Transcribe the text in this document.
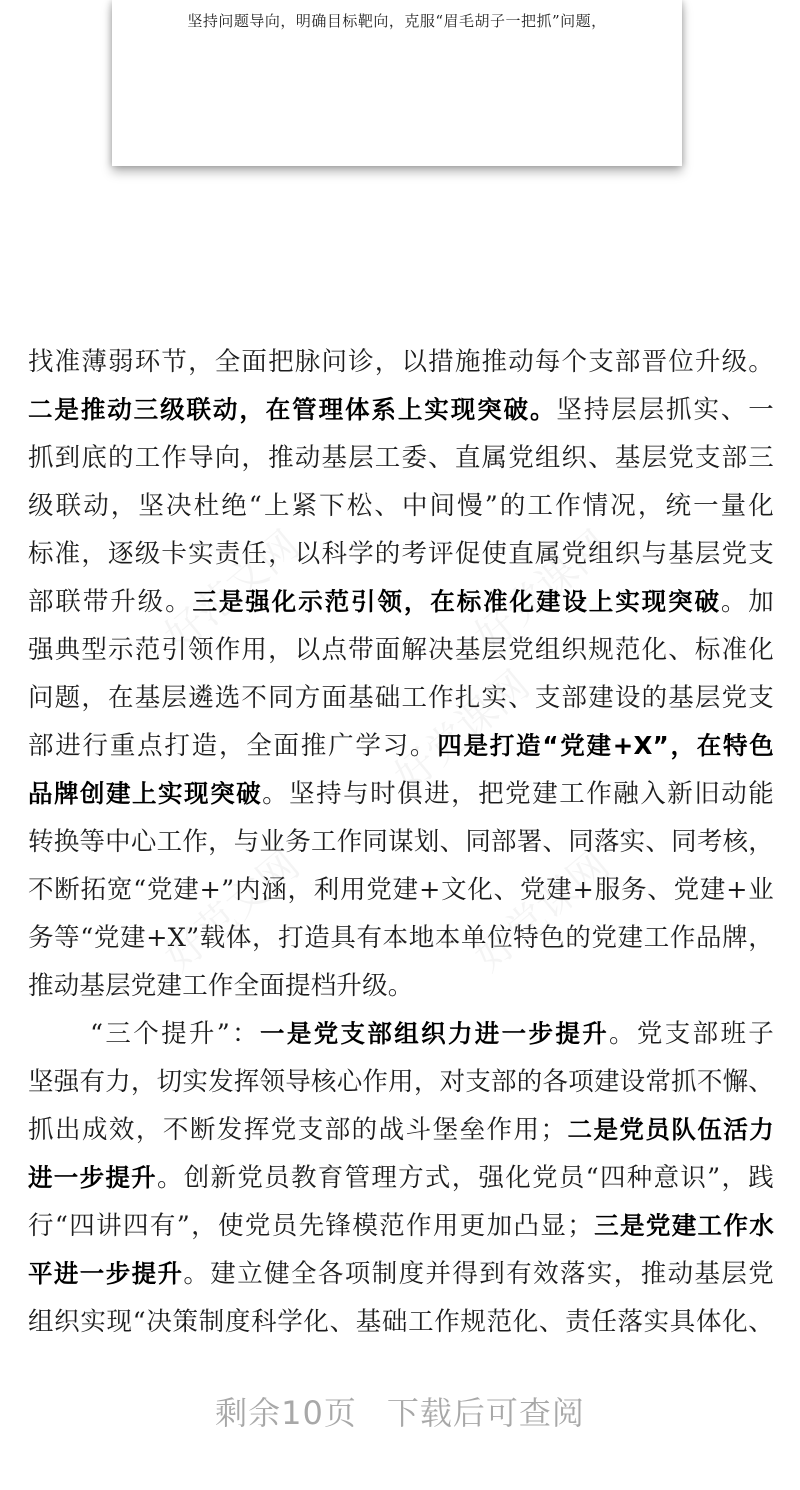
坚持问题导向，明确目标靶向，克服“眉毛胡子一把抓”问题，
找准薄弱环节，全面把脉问诊，以措施推动每个支部晋位升级。
二是推动三级联动，在管理体系上实现突破。坚持层层抓实、一
抓到底的工作导向，推动基层工委、直属党组织、基层党支部三
级联动，坚决杜绝“上紧下松、中间慢”的工作情况，统一量化
标准，逐级卡实责任，以科学的考评促使直属党组织与基层党支
部联带升级。三是强化示范引领，在标准化建设上实现突破。加
强典型示范引领作用，以点带面解决基层党组织规范化、标准化
问题，在基层遴选不同方面基础工作扎实、支部建设的基层党支
部进行重点打造，全面推广学习。四是打造“党建+X”，在特色
品牌创建上实现突破。坚持与时俱进，把党建工作融入新旧动能
转换等中心工作，与业务工作同谋划、同部署、同落实、同考核，
不断拓宽“党建+”内涵，利用党建+文化、党建+服务、党建+业
务等“党建+X”载体，打造具有本地本单位特色的党建工作品牌，
推动基层党建工作全面提档升级。
“三个提升”：一是党支部组织力进一步提升。党支部班子
坚强有力，切实发挥领导核心作用，对支部的各项建设常抓不懈、
抓出成效，不断发挥党支部的战斗堡垒作用；二是党员队伍活力
进一步提升。创新党员教育管理方式，强化党员“四种意识”，践
行“四讲四有”，使党员先锋模范作用更加凸显；三是党建工作水
平进一步提升。建立健全各项制度并得到有效落实，推动基层党
组织实现“决策制度科学化、基础工作规范化、责任落实具体化、
剩余10页 下载后可查阅
